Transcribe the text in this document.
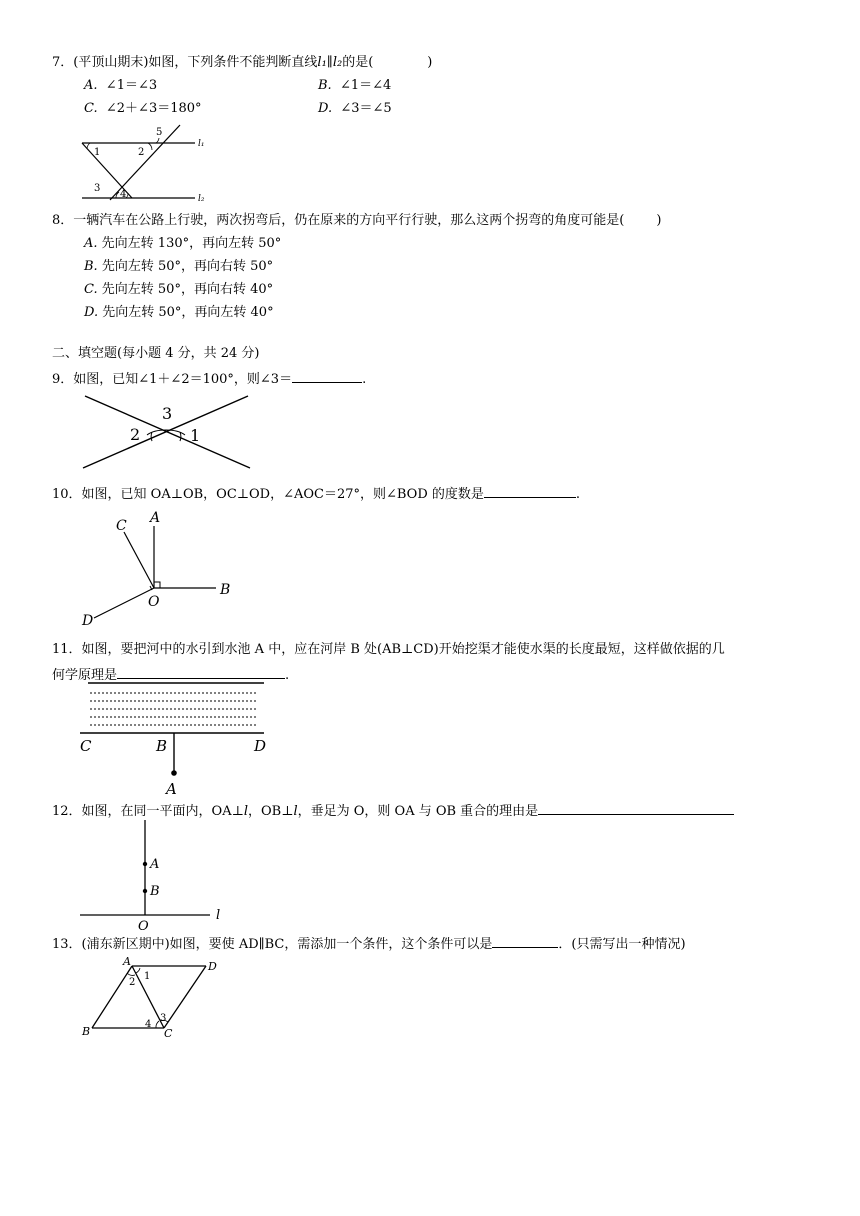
7．(平顶山期末)如图，下列条件不能判断直线l₁∥l₂的是(	)
A. ∠1＝∠3	B. ∠1＝∠4
C. ∠2＋∠3＝180°	D. ∠3＝∠5
1	2
5
3
4
l₁
l₂
8．一辆汽车在公路上行驶，两次拐弯后，仍在原来的方向平行行驶，那么这两个拐弯的角度可能是( )
A. 先向左转 130°，再向左转 50°
B. 先向左转 50°，再向右转 50°
C. 先向左转 50°，再向右转 40°
D. 先向左转 50°，再向左转 40°
二、填空题(每小题 4 分，共 24 分)
9．如图，已知∠1＋∠2＝100°，则∠3＝	.
3
2	1
10．如图，已知 OA⊥OB，OC⊥OD，∠AOC＝27°，则∠BOD 的度数是	.
A
C
B
O
D
11．如图，要把河中的水引到水池 A 中，应在河岸 B 处(AB⊥CD)开始挖渠才能使水渠的长度最短，这样做依据的几
何学原理是	.
C	B	D
A
12．如图，在同一平面内，OA⊥l，OB⊥l，垂足为 O，则 OA 与 OB 重合的理由是
A
B
O
l
13．(浦东新区期中)如图，要使 AD∥BC，需添加一个条件，这个条件可以是	．(只需写出一种情况)
A	D
B	C
1
2
3
4
